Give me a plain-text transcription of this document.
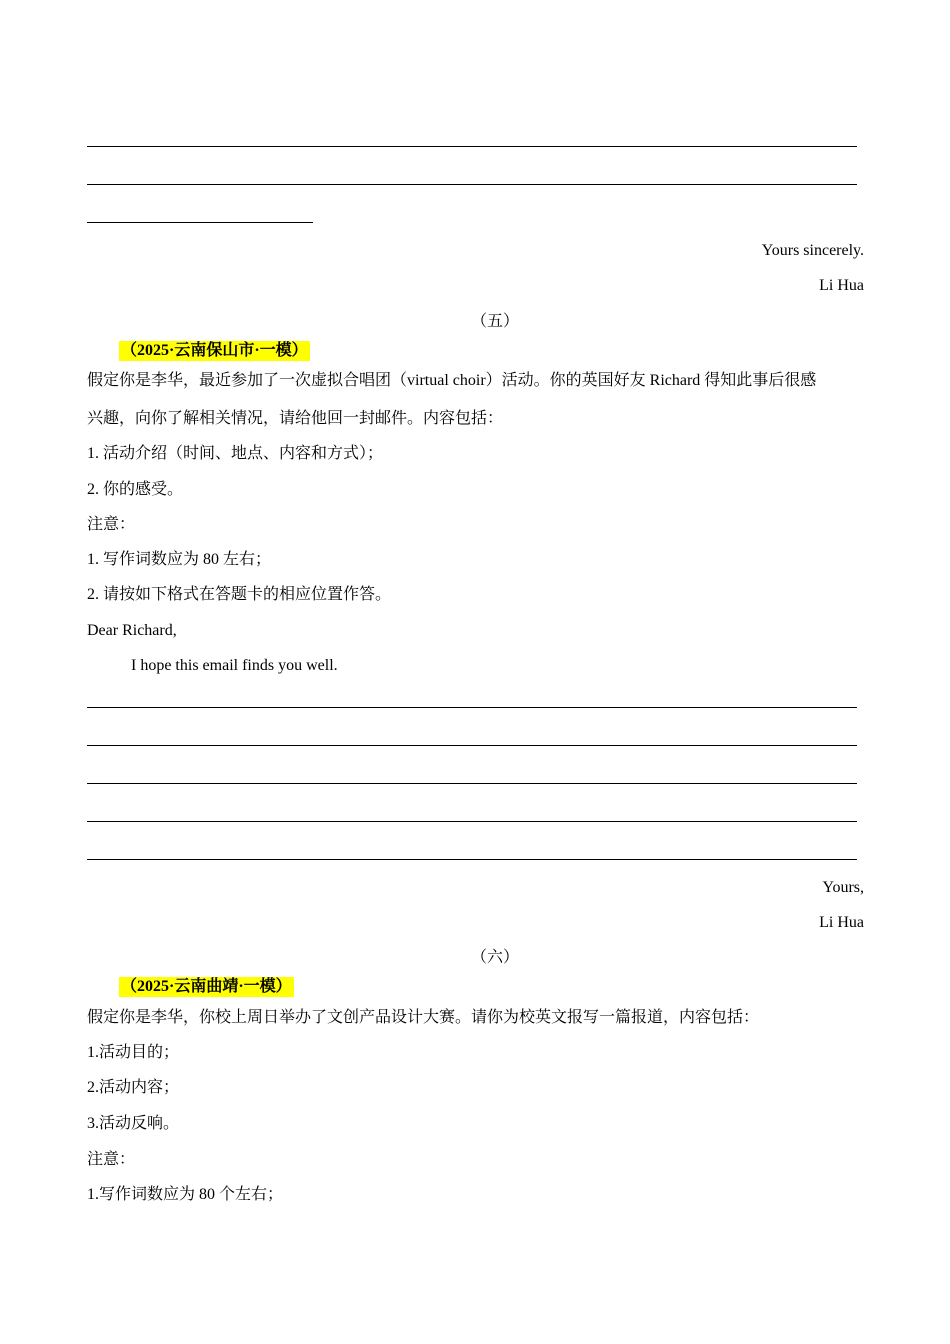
Yours sincerely.
Li Hua
（五）
（2025·云南保山市·一模）
假定你是李华，最近参加了一次虚拟合唱团（virtual choir）活动。你的英国好友 Richard 得知此事后很感
兴趣，向你了解相关情况，请给他回一封邮件。内容包括：
1. 活动介绍（时间、地点、内容和方式）；
2. 你的感受。
注意：
1. 写作词数应为 80 左右；
2. 请按如下格式在答题卡的相应位置作答。
Dear Richard,
I hope this email finds you well.
Yours,
Li Hua
（六）
（2025·云南曲靖·一模）
假定你是李华，你校上周日举办了文创产品设计大赛。请你为校英文报写一篇报道，内容包括：
1.活动目的；
2.活动内容；
3.活动反响。
注意：
1.写作词数应为 80 个左右；
